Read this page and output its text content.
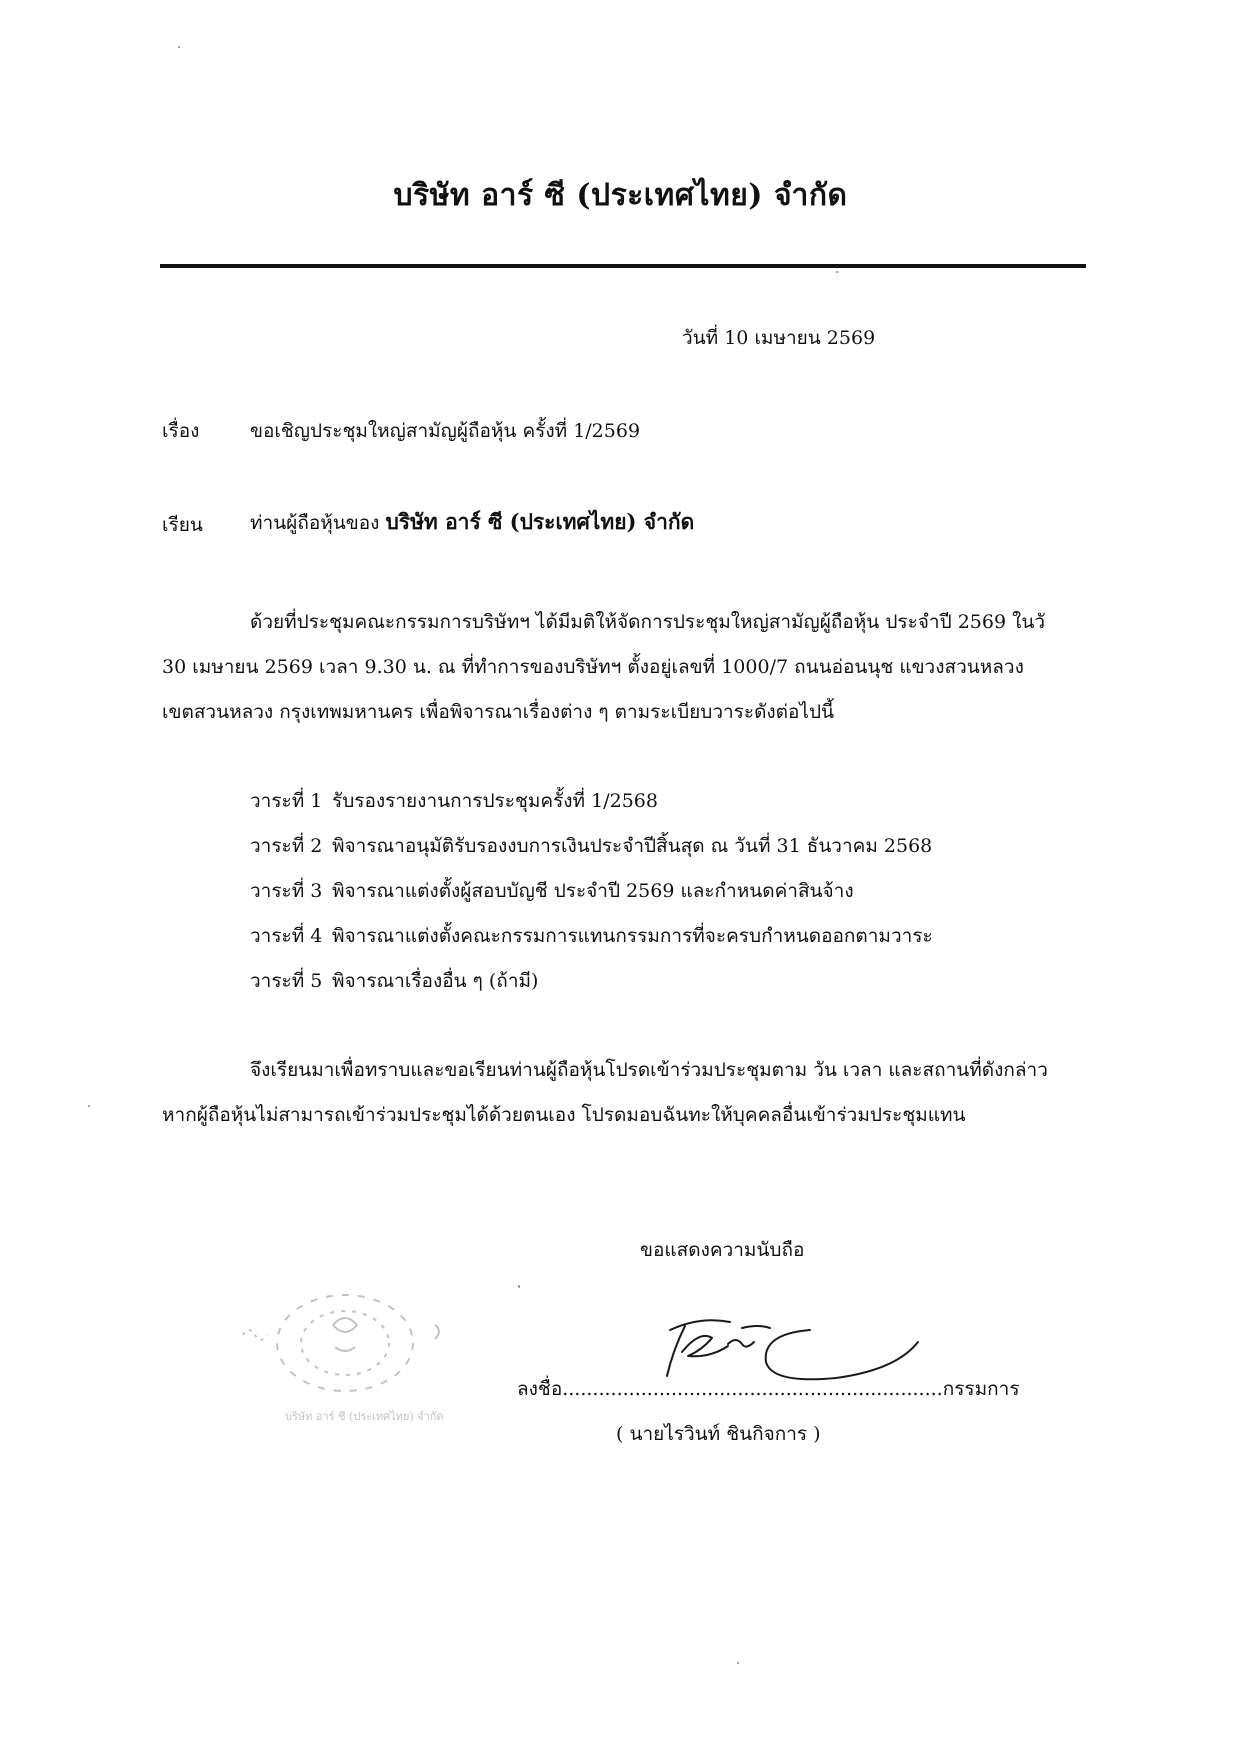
บริษัท อาร์ ซี (ประเทศไทย) จำกัด
วันที่ 10 เมษายน 2569
เรื่อง	ขอเชิญประชุมใหญ่สามัญผู้ถือหุ้น ครั้งที่ 1/2569
เรียน ท่านผู้ถือหุ้นของ บริษัท อาร์ ซี (ประเทศไทย) จำกัด
ด้วยที่ประชุมคณะกรรมการบริษัทฯ ได้มีมติให้จัดการประชุมใหญ่สามัญผู้ถือหุ้น ประจำปี 2569 ในวั
30 เมษายน 2569 เวลา 9.30 น. ณ ที่ทำการของบริษัทฯ ตั้งอยู่เลขที่ 1000/7 ถนนอ่อนนุช แขวงสวนหลวง
เขตสวนหลวง กรุงเทพมหานคร เพื่อพิจารณาเรื่องต่าง ๆ ตามระเบียบวาระดังต่อไปนี้
วาระที่ 1 รับรองรายงานการประชุมครั้งที่ 1/2568
วาระที่ 2 พิจารณาอนุมัติรับรองงบการเงินประจำปีสิ้นสุด ณ วันที่ 31 ธันวาคม 2568
วาระที่ 3 พิจารณาแต่งตั้งผู้สอบบัญชี ประจำปี 2569 และกำหนดค่าสินจ้าง
วาระที่ 4 พิจารณาแต่งตั้งคณะกรรมการแทนกรรมการที่จะครบกำหนดออกตามวาระ
วาระที่ 5 พิจารณาเรื่องอื่น ๆ (ถ้ามี)
จึงเรียนมาเพื่อทราบและขอเรียนท่านผู้ถือหุ้นโปรดเข้าร่วมประชุมตาม วัน เวลา และสถานที่ดังกล่าว
หากผู้ถือหุ้นไม่สามารถเข้าร่วมประชุมได้ด้วยตนเอง โปรดมอบฉันทะให้บุคคลอื่นเข้าร่วมประชุมแทน
ขอแสดงความนับถือ
บริษัท อาร์ ซี (ประเทศไทย) จำกัด
ลงชื่อ...............................................................กรรมการ
( นายไรวินท์ ชินกิจการ )
